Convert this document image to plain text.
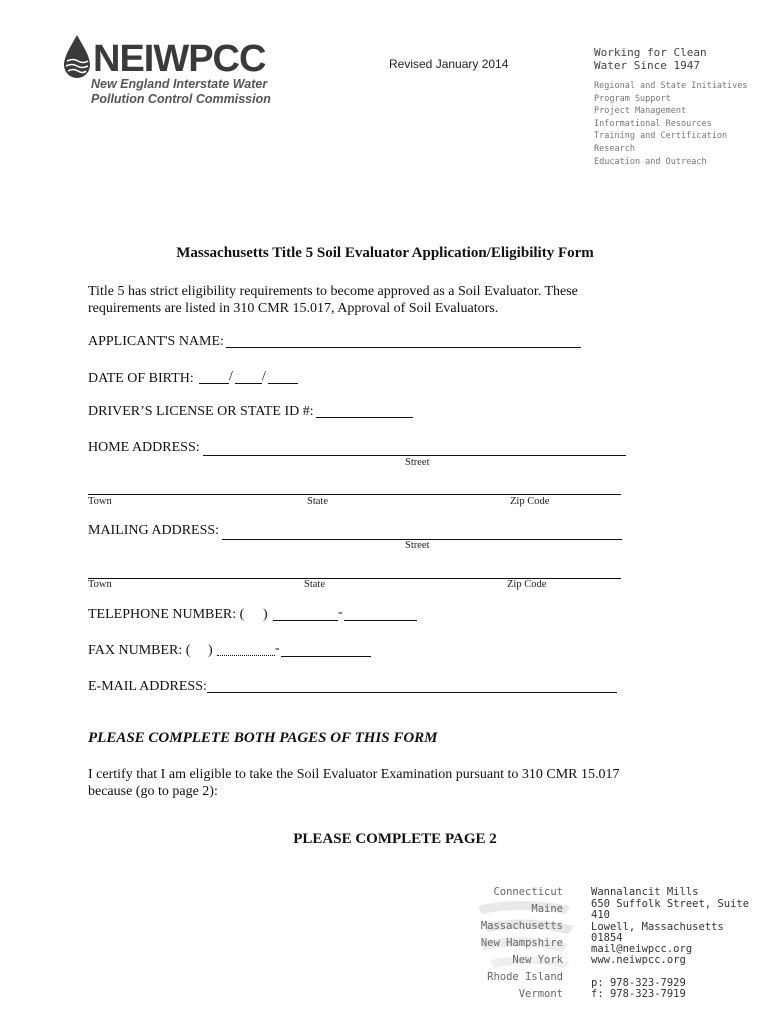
NEIWPCC
New England Interstate Water
Pollution Control Commission
Revised January 2014
Working for Clean
Water Since 1947
Regional and State Initiatives
Program Support
Project Management
Informational Resources
Training and Certification
Research
Education and Outreach
Massachusetts Title 5 Soil Evaluator Application/Eligibility Form
Title 5 has strict eligibility requirements to become approved as a Soil Evaluator. These
requirements are listed in 310 CMR 15.017, Approval of Soil Evaluators.
APPLICANT'S NAME:
DATE OF BIRTH:	/ /
DRIVER’S LICENSE OR STATE ID #:
HOME ADDRESS:
Street
Town	State	Zip Code
MAILING ADDRESS:
Street
Town	State	Zip Code
TELEPHONE NUMBER: ( )	-
FAX NUMBER: ( )	-
E-MAIL ADDRESS:
PLEASE COMPLETE BOTH PAGES OF THIS FORM
I certify that I am eligible to take the Soil Evaluator Examination pursuant to 310 CMR 15.017
because (go to page 2):
PLEASE COMPLETE PAGE 2
Connecticut
Maine
Massachusetts
New Hampshire
New York
Rhode Island
Vermont
Wannalancit Mills
650 Suffolk Street, Suite 410
Lowell, Massachusetts
01854
mail@neiwpcc.org
www.neiwpcc.org
p: 978-323-7929
f: 978-323-7919
